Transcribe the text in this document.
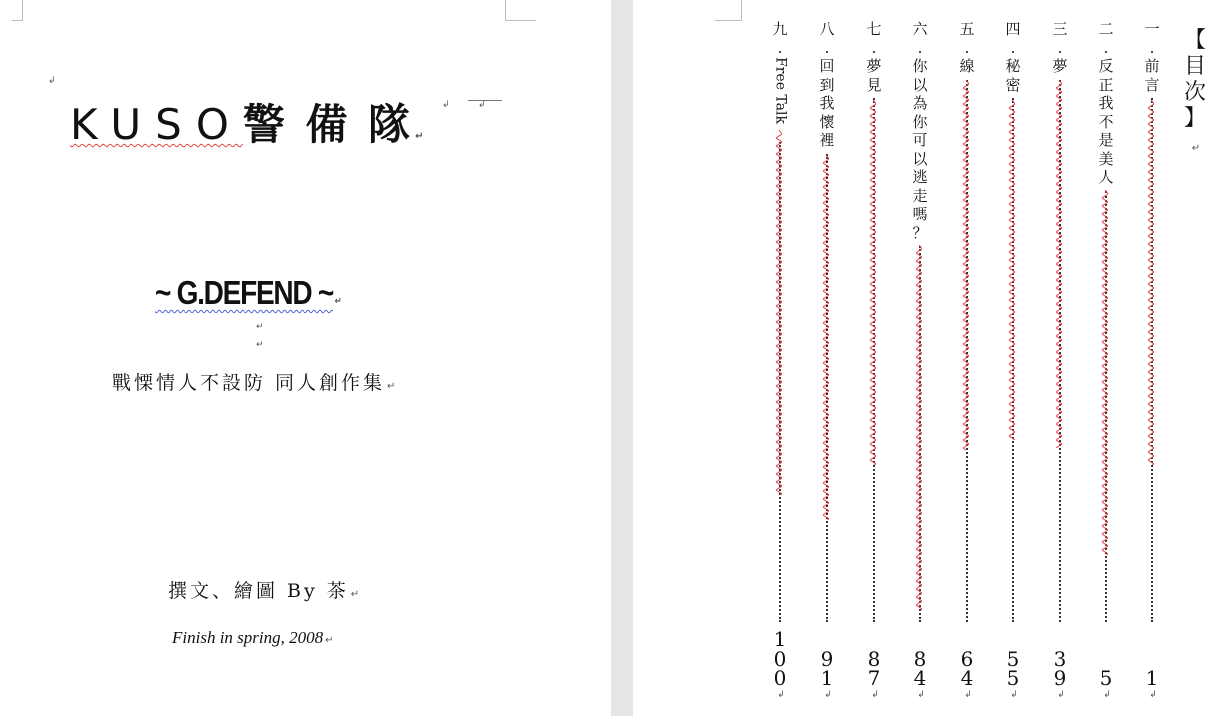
↲
KUSO警 備 隊 ↵
↲	↲
~ G.DEFEND ~ ↵
↵
↵
戰慄情人不設防 同人創作集 ↵
撰文、繪圖 By 茶 ↵
Finish in spring, 2008 ↵
【
目
次
】
↵
一
.
前
言
1
↲
二
.
反
正
我
不
是
美
人
5
↲
三
.
夢
3
9
↲
四
.
秘
密
5
5
↲
五
.
線
6
4
↲
六
.
你
以
為
你
可
以
逃
走
嗎
？
8
4
↲
七
.
夢
見
8
7
↲
八
.
回
到
我
懷
裡
9
1
↲
九
.
Free Talk
1
0
0
↲
